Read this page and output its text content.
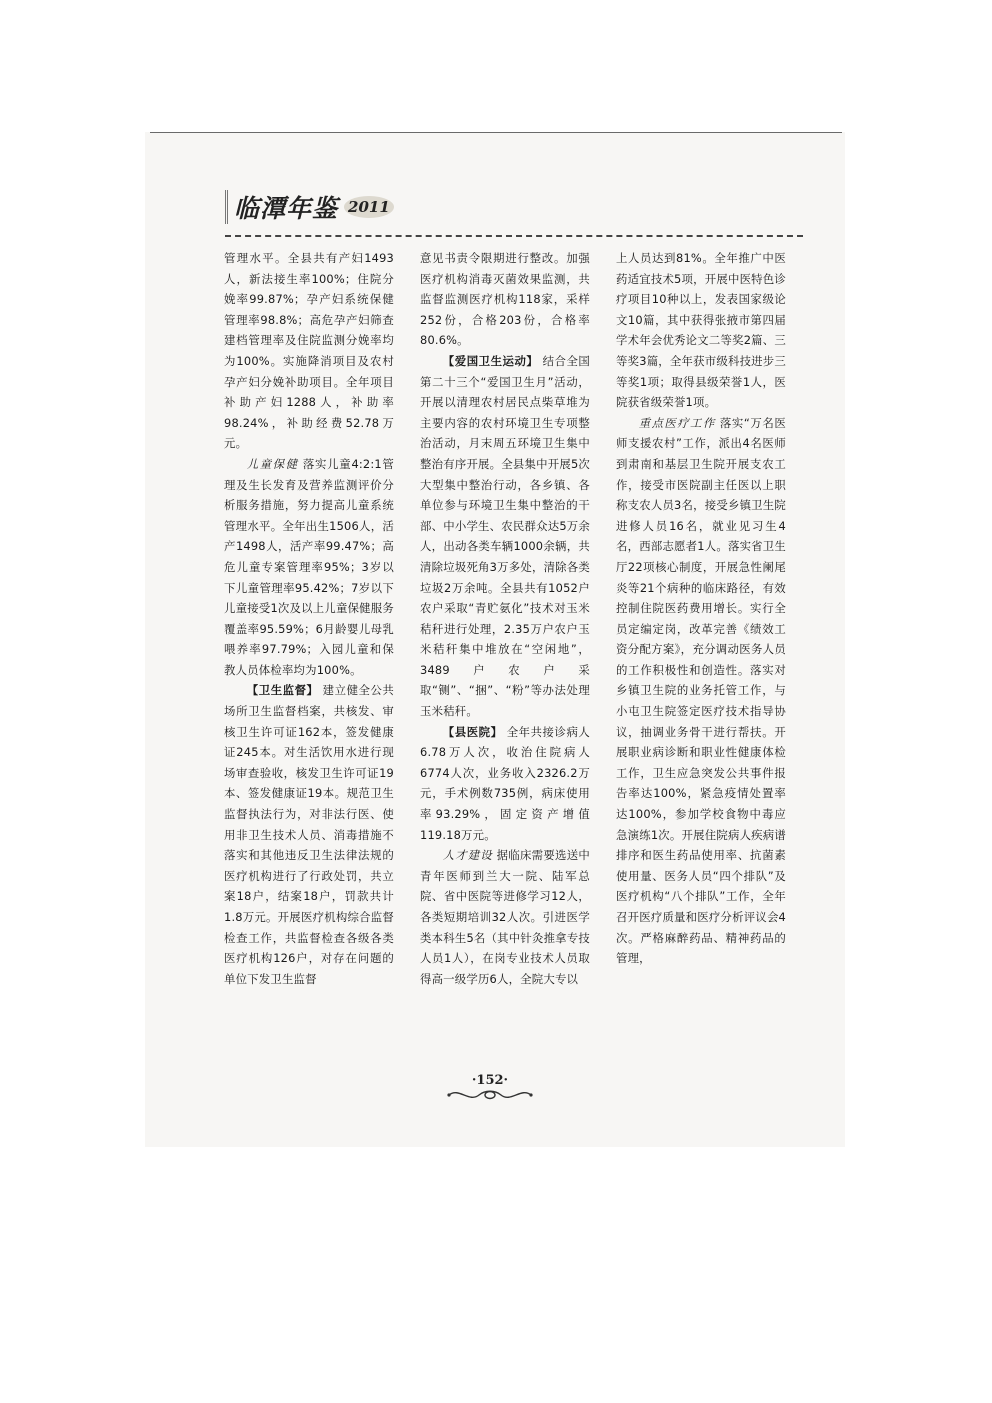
临潭年鉴 2011

管理水平。全县共有产妇1493人，新法接生率100%；住院分娩率99.87%；孕产妇系统保健管理率98.8%；高危孕产妇筛查建档管理率及住院监测分娩率均为100%。实施降消项目及农村孕产妇分娩补助项目。全年项目补助产妇1288人，补助率98.24%，补助经费52.78万元。

儿童保健 落实儿童4:2:1管理及生长发育及营养监测评价分析服务措施，努力提高儿童系统管理水平。全年出生1506人，活产1498人，活产率99.47%；高危儿童专案管理率95%；3岁以下儿童管理率95.42%；7岁以下儿童接受1次及以上儿童保健服务覆盖率95.59%；6月龄婴儿母乳喂养率97.79%；入园儿童和保教人员体检率均为100%。

【卫生监督】 建立健全公共场所卫生监督档案，共核发、审核卫生许可证162本，签发健康证245本。对生活饮用水进行现场审查验收，核发卫生许可证19本、签发健康证19本。规范卫生监督执法行为，对非法行医、使用非卫生技术人员、消毒措施不落实和其他违反卫生法律法规的医疗机构进行了行政处罚，共立案18户，结案18户，罚款共计1.8万元。开展医疗机构综合监督检查工作，共监督检查各级各类医疗机构126户，对存在问题的单位下发卫生监督

意见书责令限期进行整改。加强医疗机构消毒灭菌效果监测，共监督监测医疗机构118家，采样252份，合格203份，合格率80.6%。

【爱国卫生运动】 结合全国第二十三个“爱国卫生月”活动，开展以清理农村居民点柴草堆为主要内容的农村环境卫生专项整治活动，月末周五环境卫生集中整治有序开展。全县集中开展5次大型集中整治行动，各乡镇、各单位参与环境卫生集中整治的干部、中小学生、农民群众达5万余人，出动各类车辆1000余辆，共清除垃圾死角3万多处，清除各类垃圾2万余吨。全县共有1052户农户采取“青贮氨化”技术对玉米秸秆进行处理，2.35万户农户玉米秸秆集中堆放在“空闲地”，3489户农户采取“铡”、“捆”、“粉”等办法处理玉米秸秆。

【县医院】 全年共接诊病人6.78万人次，收治住院病人6774人次，业务收入2326.2万元，手术例数735例，病床使用率93.29%，固定资产增值119.18万元。

人才建设 据临床需要选送中青年医师到兰大一院、陆军总院、省中医院等进修学习12人，各类短期培训32人次。引进医学类本科生5名（其中针灸推拿专技人员1人），在岗专业技术人员取得高一级学历6人，全院大专以

上人员达到81%。全年推广中医药适宜技术5项，开展中医特色诊疗项目10种以上，发表国家级论文10篇，其中获得张掖市第四届学术年会优秀论文二等奖2篇、三等奖3篇，全年获市级科技进步三等奖1项；取得县级荣誉1人，医院获省级荣誉1项。

重点医疗工作 落实“万名医师支援农村”工作，派出4名医师到肃南和基层卫生院开展支农工作，接受市医院副主任医以上职称支农人员3名，接受乡镇卫生院进修人员16名，就业见习生4名，西部志愿者1人。落实省卫生厅22项核心制度，开展急性阑尾炎等21个病种的临床路径，有效控制住院医药费用增长。实行全员定编定岗，改革完善《绩效工资分配方案》，充分调动医务人员的工作积极性和创造性。落实对乡镇卫生院的业务托管工作，与小屯卫生院签定医疗技术指导协议，抽调业务骨干进行帮扶。开展职业病诊断和职业性健康体检工作，卫生应急突发公共事件报告率达100%，紧急疫情处置率达100%，参加学校食物中毒应急演练1次。开展住院病人疾病谱排序和医生药品使用率、抗菌素使用量、医务人员“四个排队”及医疗机构“八个排队”工作，全年召开医疗质量和医疗分析评议会4次。严格麻醉药品、精神药品的管理，

·152·
